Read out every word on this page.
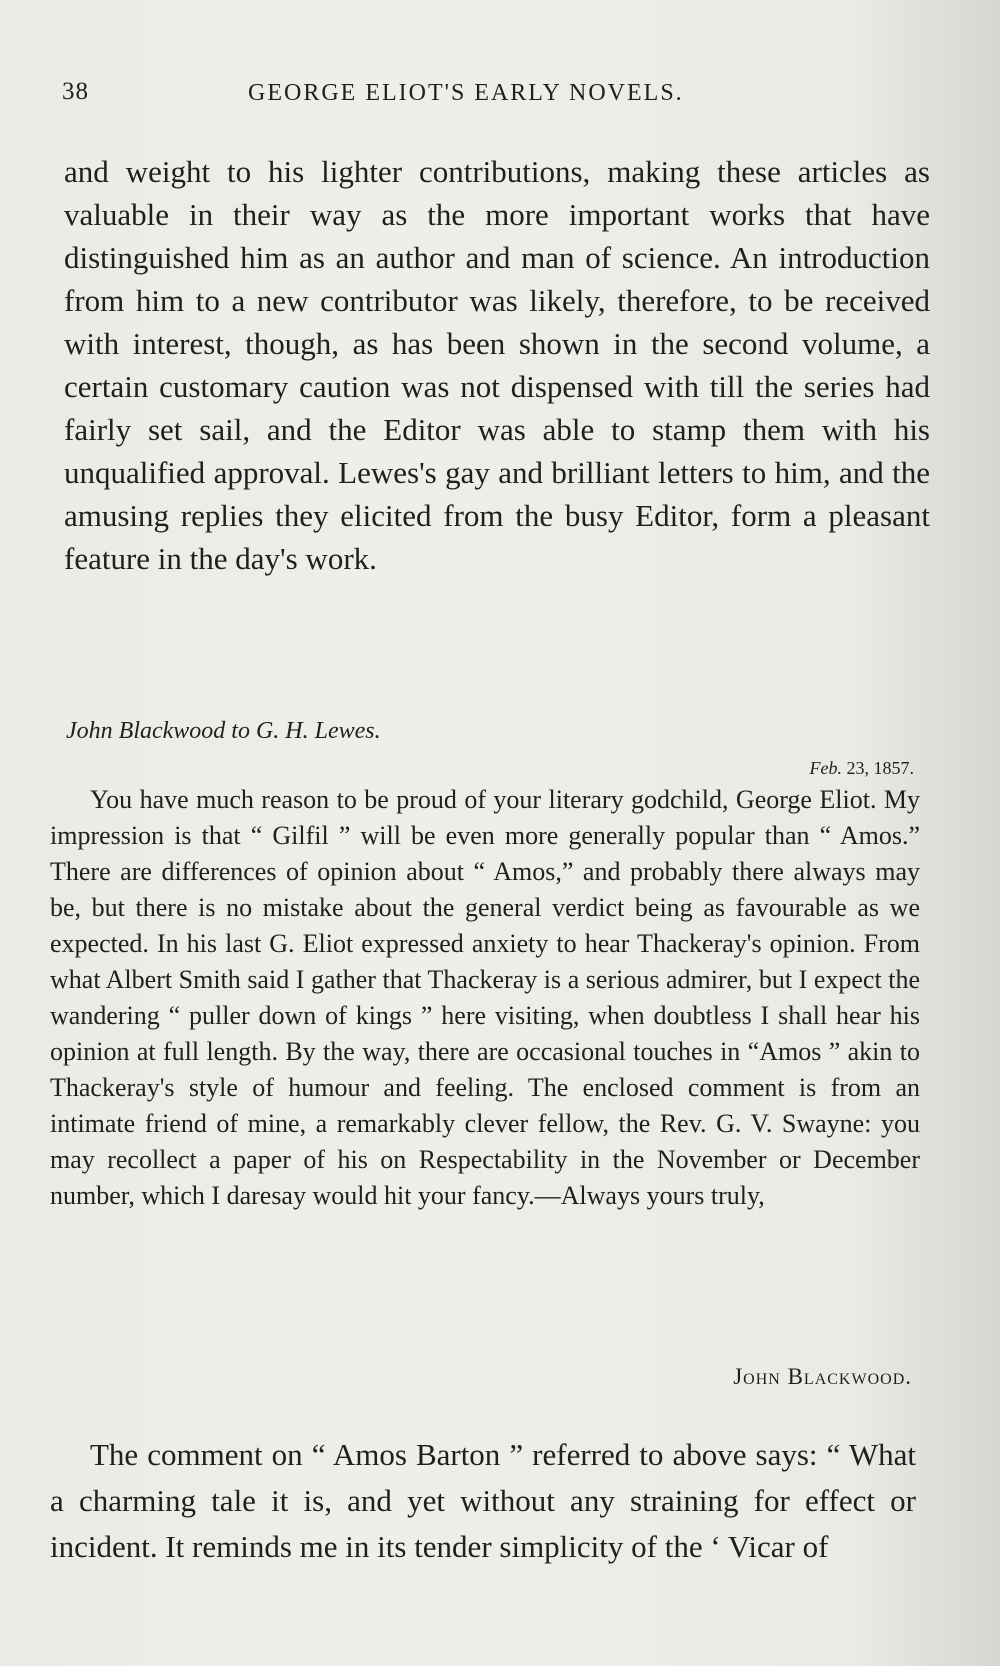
38	GEORGE ELIOT'S EARLY NOVELS.
and weight to his lighter contributions, making these articles as valuable in their way as the more important works that have distinguished him as an author and man of science. An introduction from him to a new contributor was likely, therefore, to be received with interest, though, as has been shown in the second volume, a certain customary caution was not dispensed with till the series had fairly set sail, and the Editor was able to stamp them with his unqualified approval. Lewes's gay and brilliant letters to him, and the amusing replies they elicited from the busy Editor, form a pleasant feature in the day's work.
John Blackwood to G. H. Lewes.
Feb. 23, 1857.
You have much reason to be proud of your literary godchild, George Eliot. My impression is that “ Gilfil ” will be even more generally popular than “ Amos.” There are differences of opinion about “ Amos,” and probably there always may be, but there is no mistake about the general verdict being as favourable as we expected. In his last G. Eliot expressed anxiety to hear Thackeray's opinion. From what Albert Smith said I gather that Thackeray is a serious admirer, but I expect the wandering “ puller down of kings ” here visiting, when doubtless I shall hear his opinion at full length. By the way, there are occasional touches in “Amos ” akin to Thackeray's style of humour and feeling. The enclosed comment is from an intimate friend of mine, a remarkably clever fellow, the Rev. G. V. Swayne: you may recollect a paper of his on Respectability in the November or December number, which I daresay would hit your fancy.—Always yours truly,
John Blackwood.
The comment on “ Amos Barton ” referred to above says: “ What a charming tale it is, and yet without any straining for effect or incident. It reminds me in its tender simplicity of the ‘ Vicar of
